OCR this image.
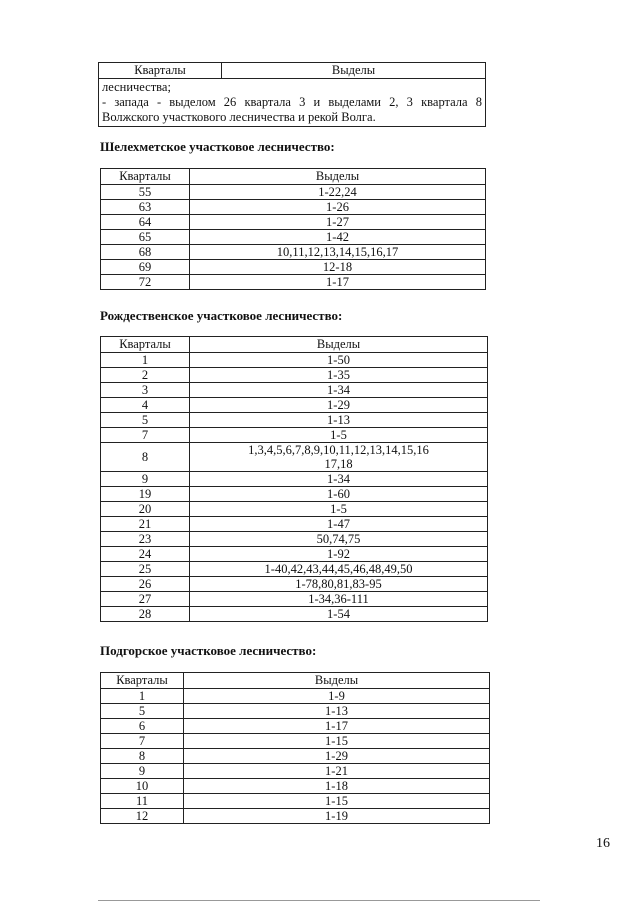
Кварталы	Выделы

лесничества;
- запада - выделом 26 квартала 3 и выделами 2, 3 квартала 8
Волжского участкового лесничества и рекой Волга.

Шелехметское участковое лесничество:

Кварталы	Выделы
55	1-22,24
63	1-26
64	1-27
65	1-42
68	10,11,12,13,14,15,16,17
69	12-18
72	1-17

Рождественское участковое лесничество:

Кварталы	Выделы
1	1-50
2	1-35
3	1-34
4	1-29
5	1-13
7	1-5
8	1,3,4,5,6,7,8,9,10,11,12,13,14,15,16
17,18
9	1-34
19	1-60
20	1-5
21	1-47
23	50,74,75
24	1-92
25	1-40,42,43,44,45,46,48,49,50
26	1-78,80,81,83-95
27	1-34,36-111
28	1-54

Подгорское участковое лесничество:

Кварталы	Выделы
1	1-9
5	1-13
6	1-17
7	1-15
8	1-29
9	1-21
10	1-18
11	1-15
12	1-19
16
